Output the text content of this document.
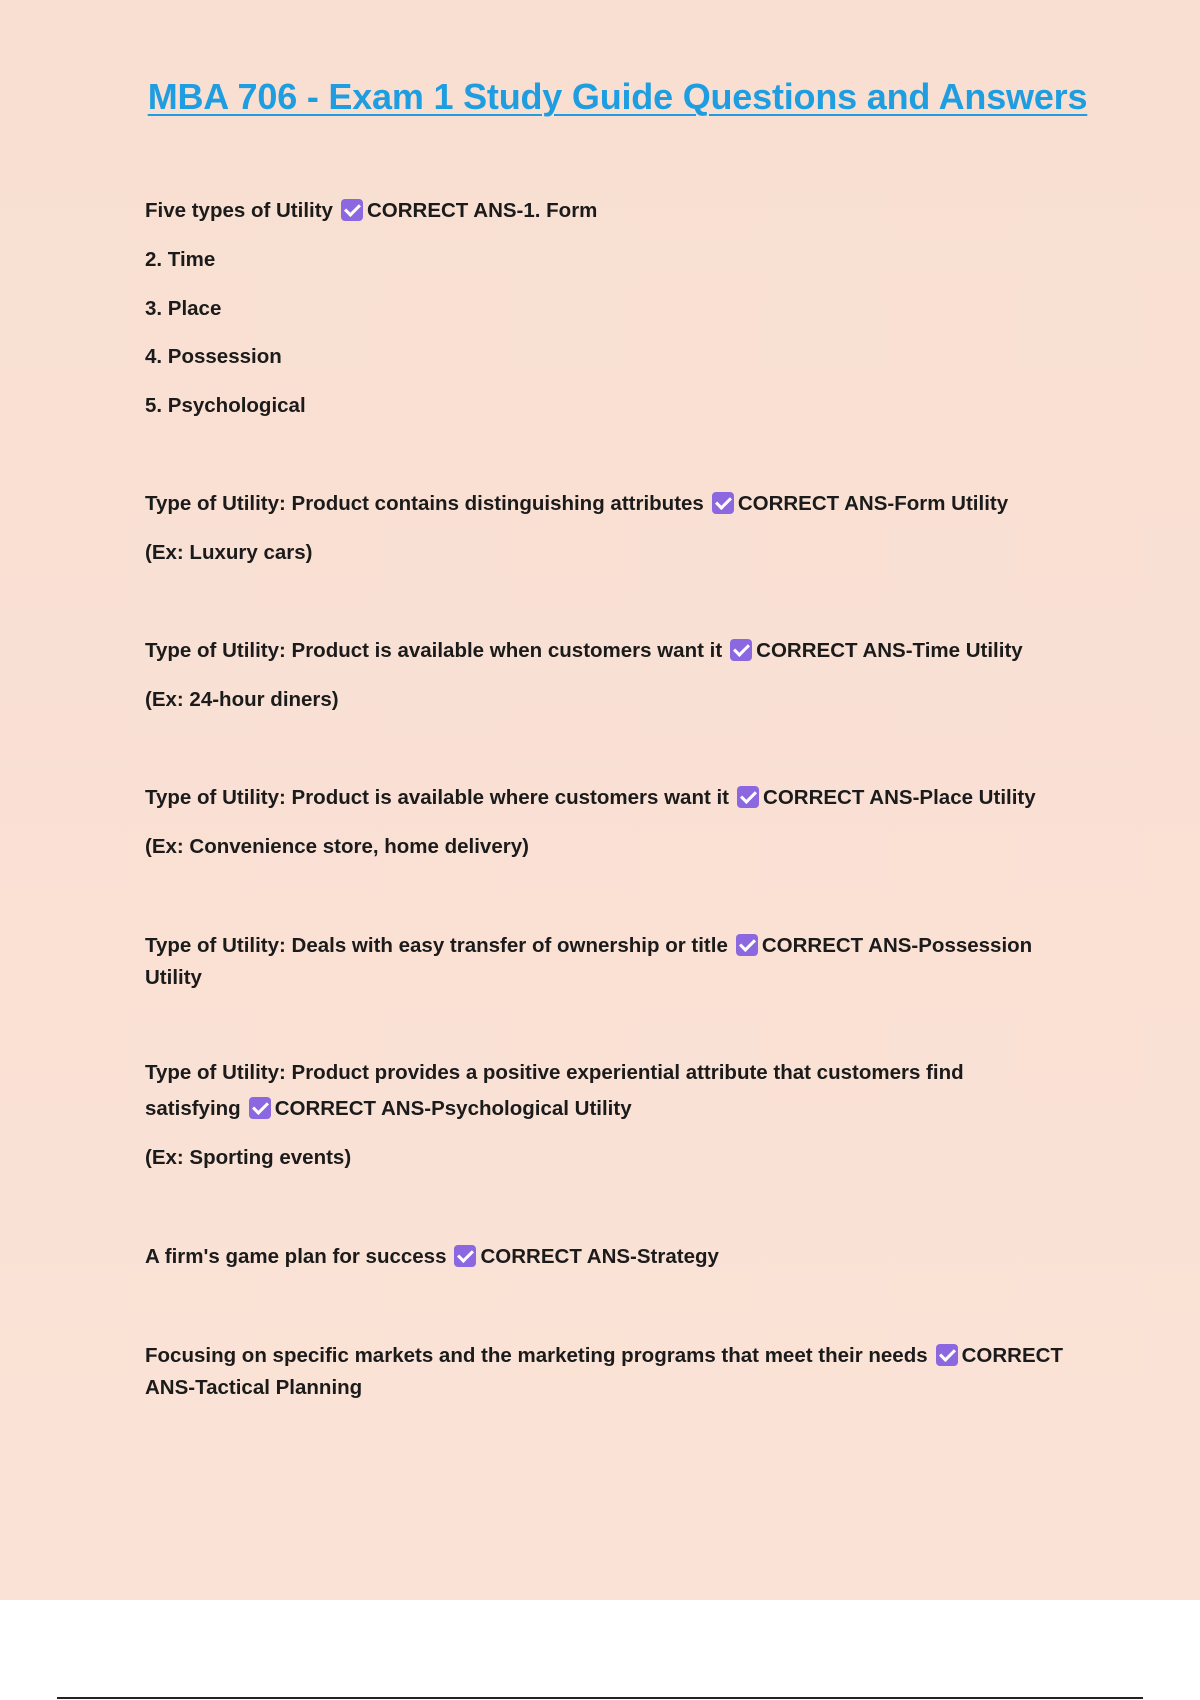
MBA 706 - Exam 1 Study Guide Questions and Answers
Five types of Utility CORRECT ANS-1. Form
2. Time
3. Place
4. Possession
5. Psychological
Type of Utility: Product contains distinguishing attributes CORRECT ANS-Form Utility
(Ex: Luxury cars)
Type of Utility: Product is available when customers want it CORRECT ANS-Time Utility
(Ex: 24-hour diners)
Type of Utility: Product is available where customers want it CORRECT ANS-Place Utility
(Ex: Convenience store, home delivery)
Type of Utility: Deals with easy transfer of ownership or title CORRECT ANS-Possession
Utility
Type of Utility: Product provides a positive experiential attribute that customers find
satisfying CORRECT ANS-Psychological Utility
(Ex: Sporting events)
A firm's game plan for success CORRECT ANS-Strategy
Focusing on specific markets and the marketing programs that meet their needs CORRECT
ANS-Tactical Planning
